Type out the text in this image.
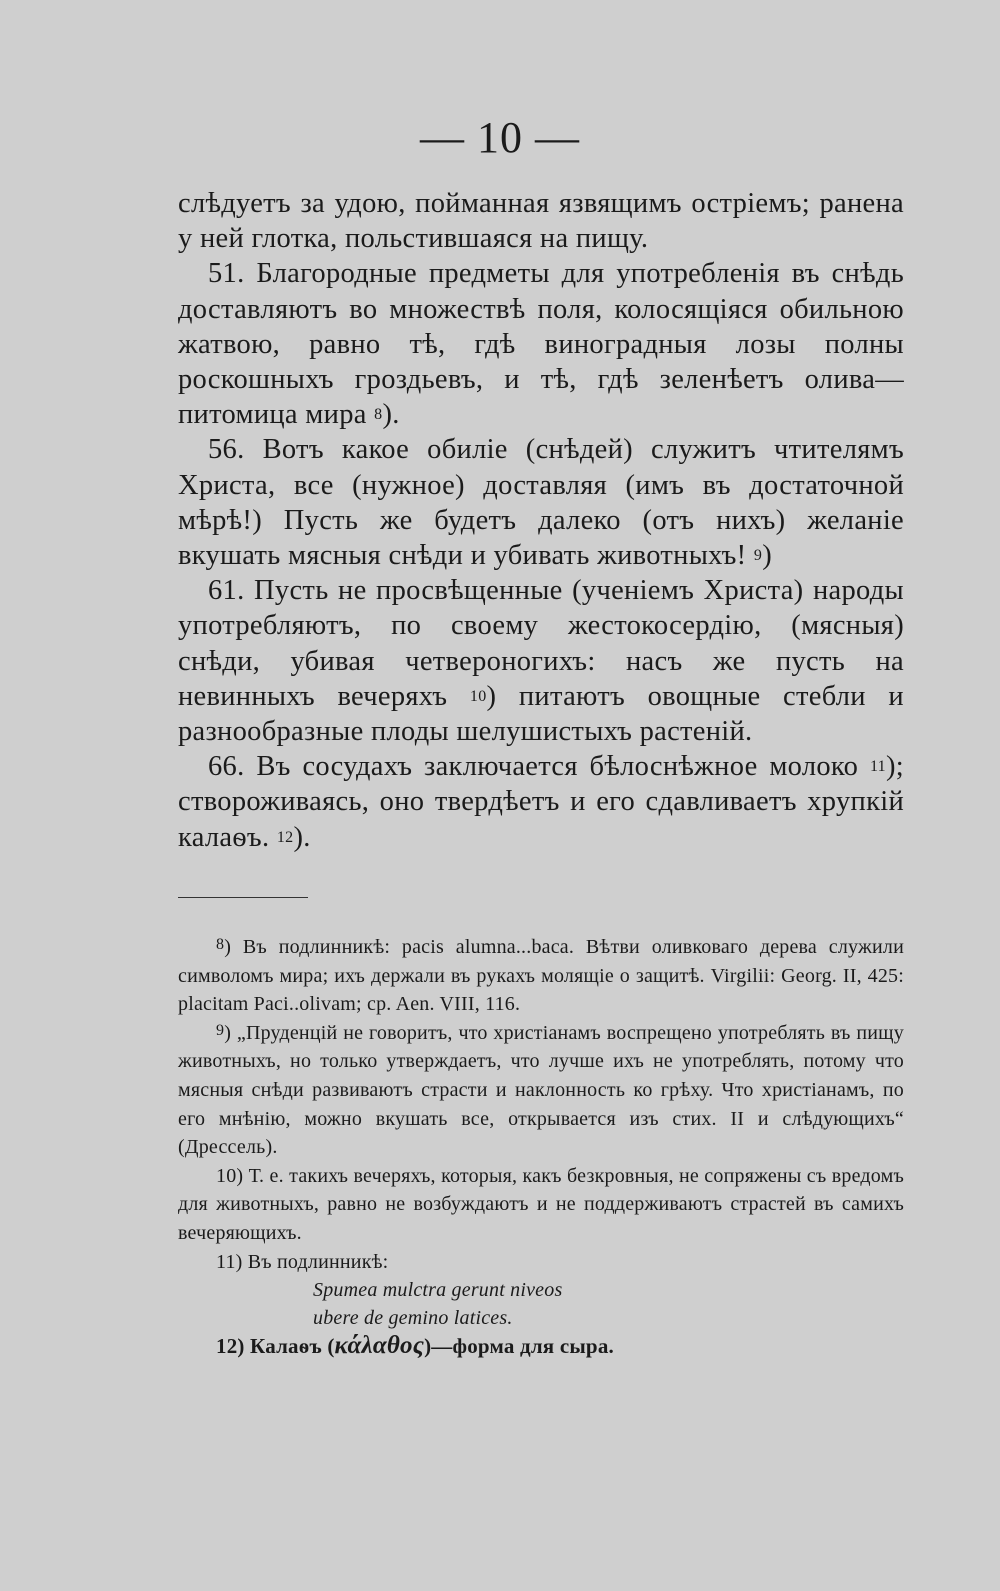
— 10 —

слѣдуетъ за удою, пойманная язвящимъ остріемъ; ранена у ней глотка, польстившаяся на пищу.

51. Благородные предметы для употребленія въ снѣдь доставляютъ во множествѣ поля, колосящіяся обильною жатвою, равно тѣ, гдѣ виноградныя лозы полны роскошныхъ гроздьевъ, и тѣ, гдѣ зеленѣетъ олива—питомица мира $^8$).

56. Вотъ какое обиліе (снѣдей) служитъ чтителямъ Христа, все (нужное) доставляя (имъ въ достаточной мѣрѣ!) Пусть же будетъ далеко (отъ нихъ) желаніе вкушать мясныя снѣди и убивать животныхъ! $^9$)

61. Пусть не просвѣщенные (ученіемъ Христа) народы употребляютъ, по своему жестокосердію, (мясныя) снѣди, убивая четвероногихъ: насъ же пусть на невинныхъ вечеряхъ $^{10}$) питаютъ овощные стебли и разнообразные плоды шелушистыхъ растеній.

66. Въ сосудахъ заключается бѣлоснѣжное молоко $^{11}$); створоживаясь, оно твердѣетъ и его сдавливаетъ хрупкій калаѳъ. $^{12}$).

$^8$) Въ подлинникѣ: pacis alumna...baca. Вѣтви оливковаго дерева служили символомъ мира; ихъ держали въ рукахъ молящіе о защитѣ. Virgilii: Georg. II, 425: placitam Paci..olivam; cp. Aen. VIII, 116.

$^9$) „Пруденцій не говоритъ, что христіанамъ воспрещено употреблять въ пищу животныхъ, но только утверждаетъ, что лучше ихъ не употреблять, потому что мясныя снѣди развиваютъ страсти и наклонность ко грѣху. Что христіанамъ, по его мнѣнію, можно вкушать все, открывается изъ стих. II и слѣдующихъ“ (Дрессель).

10) Т. е. такихъ вечеряхъ, которыя, какъ безкровныя, не сопряжены съ вредомъ для животныхъ, равно не возбуждаютъ и не поддерживаютъ страстей въ самихъ вечеряющихъ.

11) Въ подлинникѣ:

Spumea mulctra gerunt niveos

ubere de gemino latices.

12) Калаѳъ (κάλαθος)—форма для сыра.
